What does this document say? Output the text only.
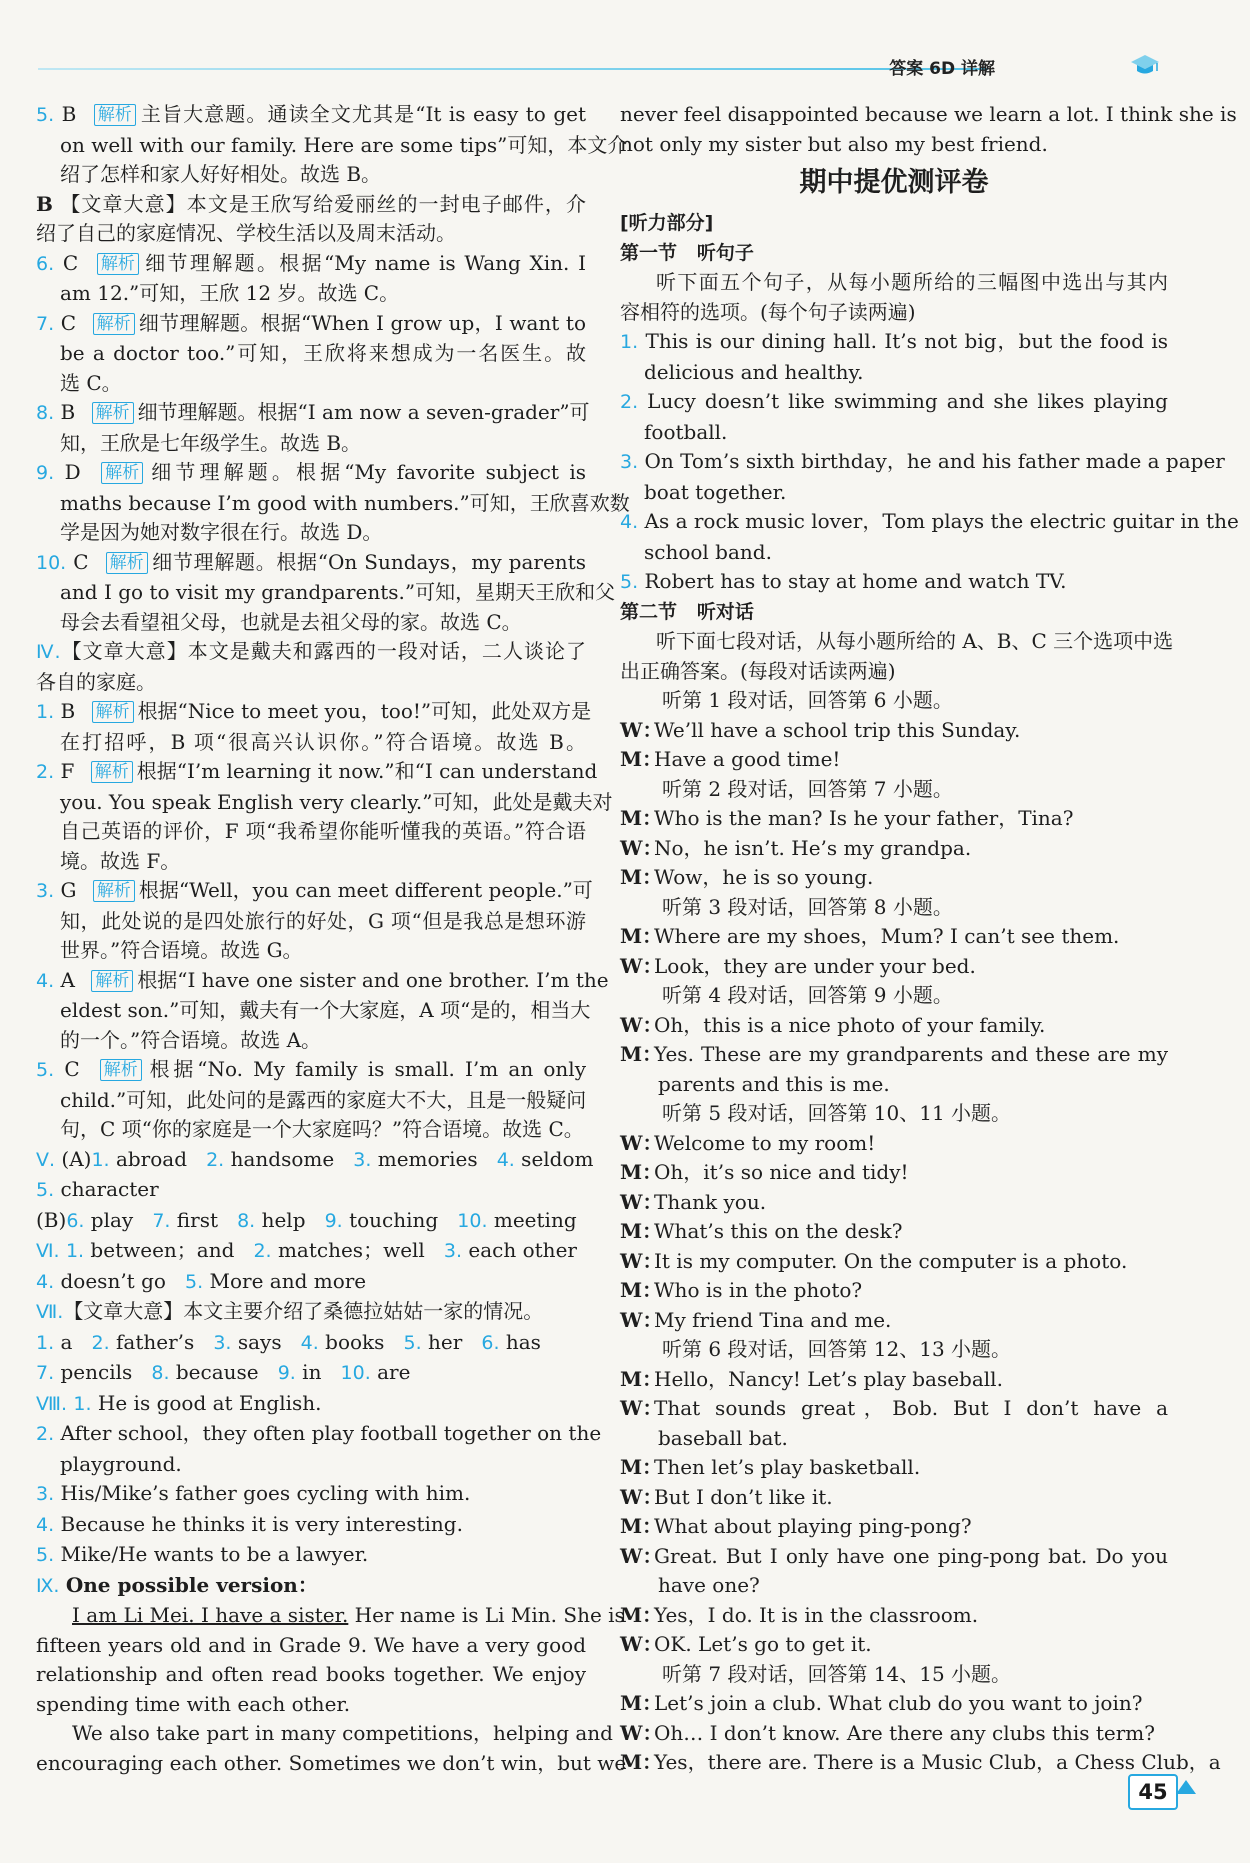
答案 6D 详解
5. B 解析 主旨大意题。通读全文尤其是“It is easy to get
on well with our family. Here are some tips”可知，本文介
绍了怎样和家人好好相处。故选 B。
B 【文章大意】本文是王欣写给爱丽丝的一封电子邮件，介
绍了自己的家庭情况、学校生活以及周末活动。
6. C 解析 细节理解题。根据“My name is Wang Xin. I
am 12.”可知，王欣 12 岁。故选 C。
7. C 解析 细节理解题。根据“When I grow up，I want to
be a doctor too.”可知，王欣将来想成为一名医生。故
选 C。
8. B 解析 细节理解题。根据“I am now a seven-grader”可
知，王欣是七年级学生。故选 B。
9. D 解析 细节理解题。根据“My favorite subject is
maths because I’m good with numbers.”可知，王欣喜欢数
学是因为她对数字很在行。故选 D。
10. C 解析 细节理解题。根据“On Sundays，my parents
and I go to visit my grandparents.”可知，星期天王欣和父
母会去看望祖父母，也就是去祖父母的家。故选 C。
Ⅳ.【文章大意】本文是戴夫和露西的一段对话，二人谈论了
各自的家庭。
1. B 解析 根据“Nice to meet you，too!”可知，此处双方是
在打招呼，B 项“很高兴认识你。”符合语境。故选 B。
2. F 解析 根据“I’m learning it now.”和“I can understand
you. You speak English very clearly.”可知，此处是戴夫对
自己英语的评价，F 项“我希望你能听懂我的英语。”符合语
境。故选 F。
3. G 解析 根据“Well，you can meet different people.”可
知，此处说的是四处旅行的好处，G 项“但是我总是想环游
世界。”符合语境。故选 G。
4. A 解析 根据“I have one sister and one brother. I’m the
eldest son.”可知，戴夫有一个大家庭，A 项“是的，相当大
的一个。”符合语境。故选 A。
5. C 解析 根据“No. My family is small. I’m an only
child.”可知，此处问的是露西的家庭大不大，且是一般疑问
句，C 项“你的家庭是一个大家庭吗？”符合语境。故选 C。
Ⅴ. (A)1. abroad   2. handsome   3. memories   4. seldom
5. character
(B)6. play   7. first   8. help   9. touching   10. meeting
Ⅵ. 1. between；and   2. matches；well   3. each other
4. doesn’t go   5. More and more
Ⅶ.【文章大意】本文主要介绍了桑德拉姑姑一家的情况。
1. a   2. father’s   3. says   4. books   5. her   6. has
7. pencils   8. because   9. in   10. are
Ⅷ. 1. He is good at English.
2. After school，they often play football together on the
playground.
3. His/Mike’s father goes cycling with him.
4. Because he thinks it is very interesting.
5. Mike/He wants to be a lawyer.
Ⅸ. One possible version：
I am Li Mei. I have a sister. Her name is Li Min. She is
fifteen years old and in Grade 9. We have a very good
relationship and often read books together. We enjoy
spending time with each other.
We also take part in many competitions，helping and
encouraging each other. Sometimes we don’t win，but we
never feel disappointed because we learn a lot. I think she is
not only my sister but also my best friend.
期中提优测评卷
[听力部分]
第一节   听句子
听下面五个句子，从每小题所给的三幅图中选出与其内
容相符的选项。(每个句子读两遍)
1. This is our dining hall. It’s not big，but the food is
delicious and healthy.
2. Lucy doesn’t like swimming and she likes playing
football.
3. On Tom’s sixth birthday，he and his father made a paper
boat together.
4. As a rock music lover，Tom plays the electric guitar in the
school band.
5. Robert has to stay at home and watch TV.
第二节   听对话
听下面七段对话，从每小题所给的 A、B、C 三个选项中选
出正确答案。(每段对话读两遍)
听第 1 段对话，回答第 6 小题。
W：We’ll have a school trip this Sunday.
M：Have a good time!
听第 2 段对话，回答第 7 小题。
M：Who is the man? Is he your father，Tina?
W：No，he isn’t. He’s my grandpa.
M：Wow，he is so young.
听第 3 段对话，回答第 8 小题。
M：Where are my shoes，Mum? I can’t see them.
W：Look，they are under your bed.
听第 4 段对话，回答第 9 小题。
W：Oh，this is a nice photo of your family.
M：Yes. These are my grandparents and these are my
parents and this is me.
听第 5 段对话，回答第 10、11 小题。
W：Welcome to my room!
M：Oh，it’s so nice and tidy!
W：Thank you.
M：What’s this on the desk?
W：It is my computer. On the computer is a photo.
M：Who is in the photo?
W：My friend Tina and me.
听第 6 段对话，回答第 12、13 小题。
M：Hello，Nancy! Let’s play baseball.
W：That sounds great，Bob. But I don’t have a
baseball bat.
M：Then let’s play basketball.
W：But I don’t like it.
M：What about playing ping-pong?
W：Great. But I only have one ping-pong bat. Do you
have one?
M：Yes，I do. It is in the classroom.
W：OK. Let’s go to get it.
听第 7 段对话，回答第 14、15 小题。
M：Let’s join a club. What club do you want to join?
W：Oh… I don’t know. Are there any clubs this term?
M：Yes，there are. There is a Music Club，a Chess Club，a
45
